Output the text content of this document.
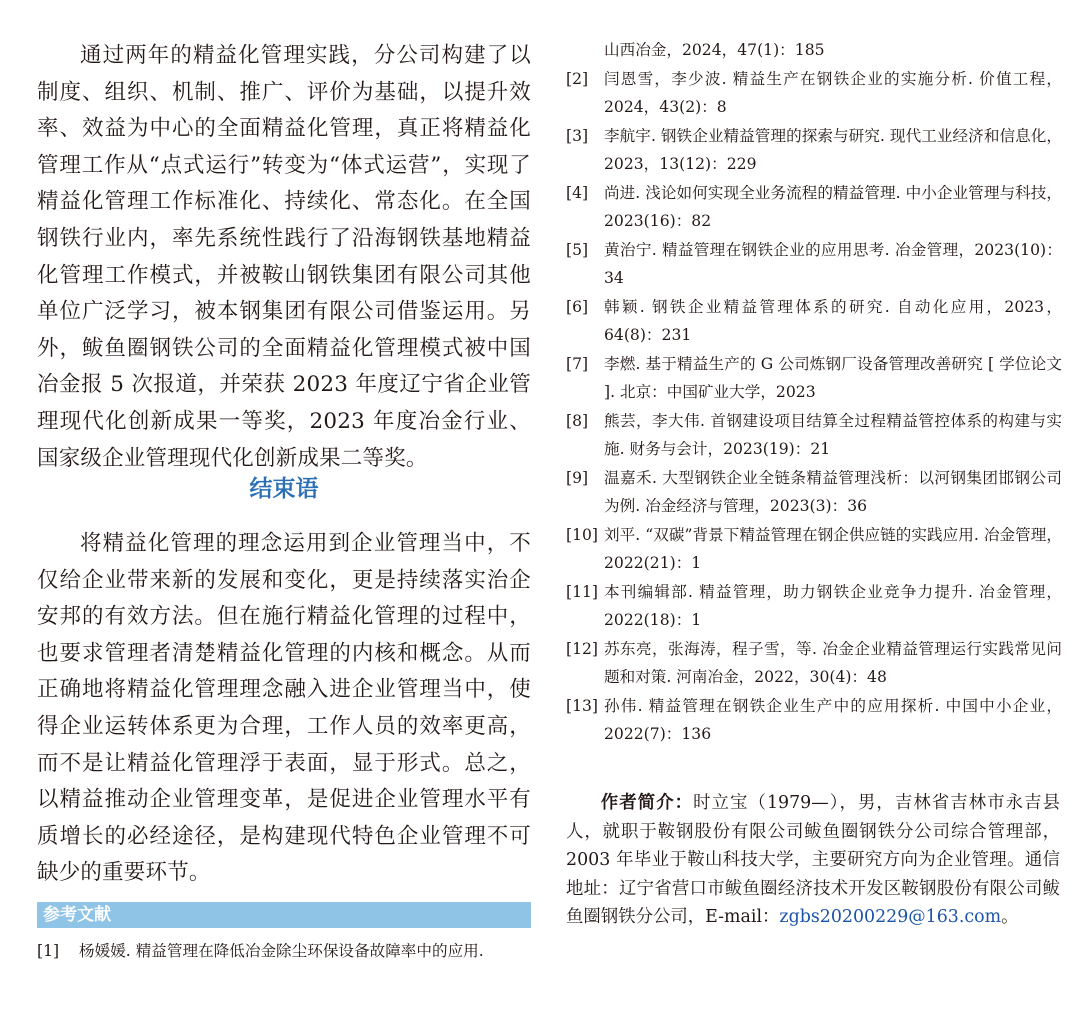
通过两年的精益化管理实践，分公司构建了以制度、组织、机制、推广、评价为基础，以提升效率、效益为中心的全面精益化管理，真正将精益化管理工作从“点式运行”转变为“体式运营”，实现了精益化管理工作标准化、持续化、常态化。在全国钢铁行业内，率先系统性践行了沿海钢铁基地精益化管理工作模式，并被鞍山钢铁集团有限公司其他单位广泛学习，被本钢集团有限公司借鉴运用。另外，鲅鱼圈钢铁公司的全面精益化管理模式被中国冶金报 5 次报道，并荣获 2023 年度辽宁省企业管理现代化创新成果一等奖，2023 年度冶金行业、国家级企业管理现代化创新成果二等奖。

结束语

将精益化管理的理念运用到企业管理当中，不仅给企业带来新的发展和变化，更是持续落实治企安邦的有效方法。但在施行精益化管理的过程中，也要求管理者清楚精益化管理的内核和概念。从而正确地将精益化管理理念融入进企业管理当中，使得企业运转体系更为合理，工作人员的效率更高，而不是让精益化管理浮于表面，显于形式。总之，以精益推动企业管理变革，是促进企业管理水平有质增长的必经途径，是构建现代特色企业管理不可缺少的重要环节。

参考文献
[1]	杨媛媛. 精益管理在降低冶金除尘环保设备故障率中的应用.
山西冶金，2024，47(1)：185
[2]	闫恩雪，李少波. 精益生产在钢铁企业的实施分析. 价值工程，2024，43(2)：8
[3]	李航宇. 钢铁企业精益管理的探索与研究. 现代工业经济和信息化，2023，13(12)：229
[4]	尚进. 浅论如何实现全业务流程的精益管理. 中小企业管理与科技，2023(16)：82
[5]	黄治宁. 精益管理在钢铁企业的应用思考. 冶金管理，2023(10)：34
[6]	韩颖. 钢铁企业精益管理体系的研究. 自动化应用，2023，64(8)：231
[7]	李燃. 基于精益生产的 G 公司炼钢厂设备管理改善研究 [ 学位论文 ]. 北京：中国矿业大学，2023
[8]	熊芸，李大伟. 首钢建设项目结算全过程精益管控体系的构建与实施. 财务与会计，2023(19)：21
[9]	温嘉禾. 大型钢铁企业全链条精益管理浅析：以河钢集团邯钢公司为例. 冶金经济与管理，2023(3)：36
[10] 刘平. “双碳”背景下精益管理在钢企供应链的实践应用. 冶金管理，2022(21)：1
[11] 本刊编辑部. 精益管理，助力钢铁企业竞争力提升. 冶金管理，2022(18)：1
[12] 苏东亮，张海涛，程子雪，等. 冶金企业精益管理运行实践常见问题和对策. 河南冶金，2022，30(4)：48
[13] 孙伟. 精益管理在钢铁企业生产中的应用探析. 中国中小企业，2022(7)：136
作者简介：时立宝（1979—），男，吉林省吉林市永吉县人，就职于鞍钢股份有限公司鲅鱼圈钢铁分公司综合管理部，2003 年毕业于鞍山科技大学，主要研究方向为企业管理。通信地址：辽宁省营口市鲅鱼圈经济技术开发区鞍钢股份有限公司鲅鱼圈钢铁分公司，E-mail：zgbs20200229@163.com。
